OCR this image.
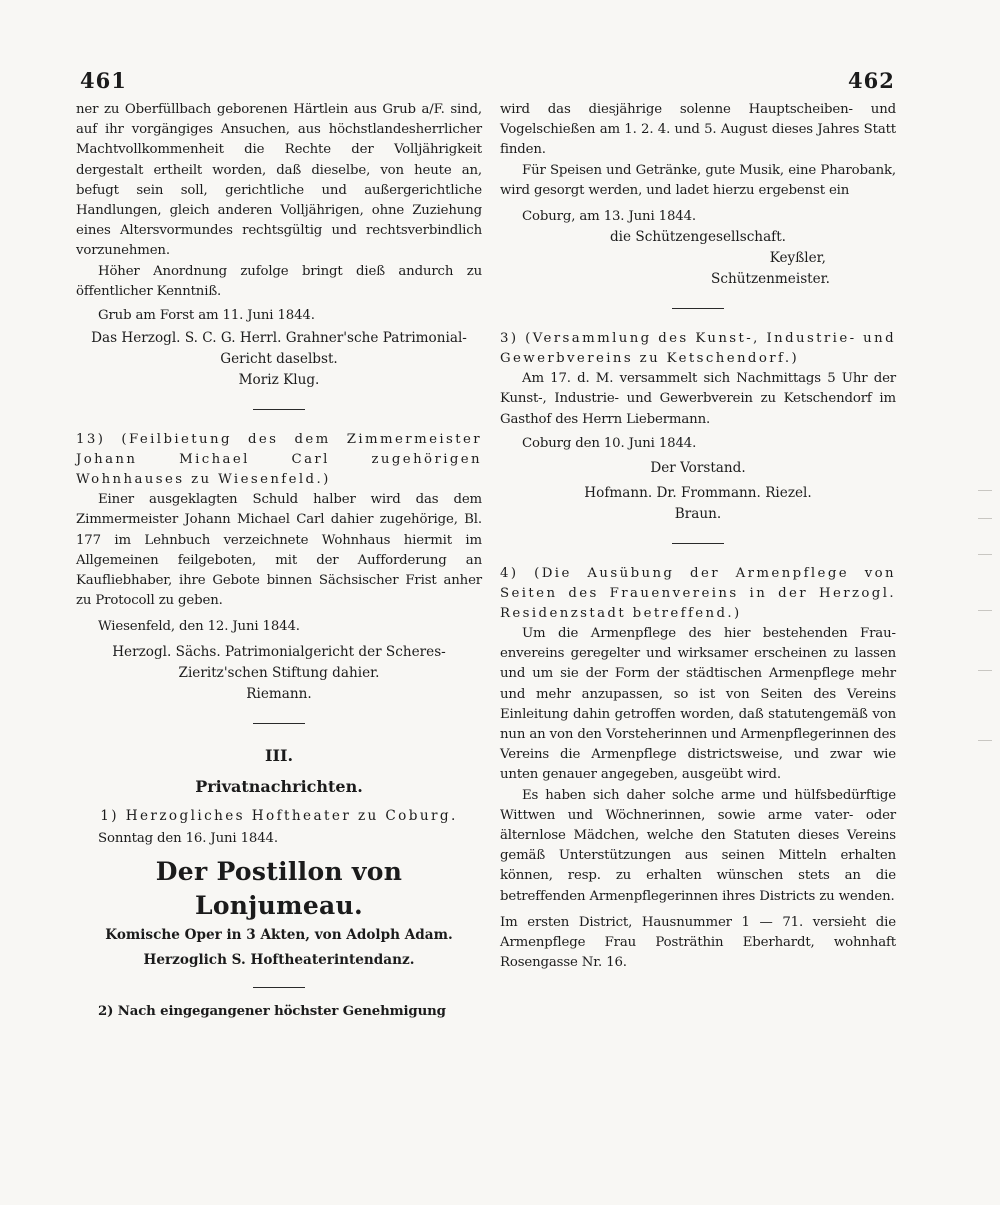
461	462

ner zu Oberfüllbach geborenen Härtlein aus Grub a/F. sind, auf ihr vorgängiges Ansuchen, aus höchstlandesherrlicher Machtvollkommenheit die Rechte der Volljährigkeit dergestalt ertheilt worden, daß dieselbe, von heute an, befugt sein soll, gerichtliche und außergerichtliche Handlungen, gleich anderen Volljährigen, ohne Zuziehung eines Altersvormundes rechtsgültig und rechtsverbindlich vorzunehmen.

Höher Anordnung zufolge bringt dieß andurch zu öffentlicher Kenntniß.

Grub am Forst am 11. Juni 1844.

Das Herzogl. S. C. G. Herrl. Grahner'sche Patrimonial-Gericht daselbst.

Moriz Klug.

13) (Feilbietung des dem Zimmermeister Johann Michael Carl zugehörigen Wohnhauses zu Wiesenfeld.)

Einer ausgeklagten Schuld halber wird das dem Zimmermeister Johann Michael Carl dahier zugehörige, Bl. 177 im Lehnbuch verzeichnete Wohnhaus hiermit im Allgemeinen feilgeboten, mit der Aufforderung an Kaufliebhaber, ihre Gebote binnen Sächsischer Frist anher zu Protocoll zu geben.

Wiesenfeld, den 12. Juni 1844.

Herzogl. Sächs. Patrimonialgericht der Scheres-Zieritz'schen Stiftung dahier.

Riemann.

III.

Privatnachrichten.

1) Herzogliches Hoftheater zu Coburg.

Sonntag den 16. Juni 1844.

Der Postillon von Lonjumeau.

Komische Oper in 3 Akten, von Adolph Adam.

Herzoglich S. Hoftheaterintendanz.

2) Nach eingegangener höchster Genehmigung

wird das diesjährige solenne Hauptscheiben- und Vogelschießen am 1. 2. 4. und 5. August dieses Jahres Statt finden.

Für Speisen und Getränke, gute Musik, eine Pharobank, wird gesorgt werden, und ladet hierzu ergebenst ein

Coburg, am 13. Juni 1844.

die Schützengesellschaft.

Keyßler,

Schützenmeister.

3) (Versammlung des Kunst-, Industrie- und Gewerbvereins zu Ketschendorf.)

Am 17. d. M. versammelt sich Nachmittags 5 Uhr der Kunst-, Industrie- und Gewerbverein zu Ketschendorf im Gasthof des Herrn Liebermann.

Coburg den 10. Juni 1844.

Der Vorstand.

Hofmann. Dr. Frommann. Riezel.

Braun.

4) (Die Ausübung der Armenpflege von Seiten des Frauenvereins in der Herzogl. Residenzstadt betreffend.)

Um die Armenpflege des hier bestehenden Frauenvereins geregelter und wirksamer erscheinen zu lassen und um sie der Form der städtischen Armenpflege mehr und mehr anzupassen, so ist von Seiten des Vereins Einleitung dahin getroffen worden, daß statutengemäß von nun an von den Vorsteherinnen und Armenpflegerinnen des Vereins die Armenpflege districtsweise, und zwar wie unten genauer angegeben, ausgeübt wird.

Es haben sich daher solche arme und hülfsbedürftige Wittwen und Wöchnerinnen, sowie arme vater- oder älternlose Mädchen, welche den Statuten dieses Vereins gemäß Unterstützungen aus seinen Mitteln erhalten können, resp. zu erhalten wünschen stets an die betreffenden Armenpflegerinnen ihres Districts zu wenden.

Im ersten District, Hausnummer 1 — 71. versieht die Armenpflege Frau Posträthin Eberhardt, wohnhaft Rosengasse Nr. 16.
